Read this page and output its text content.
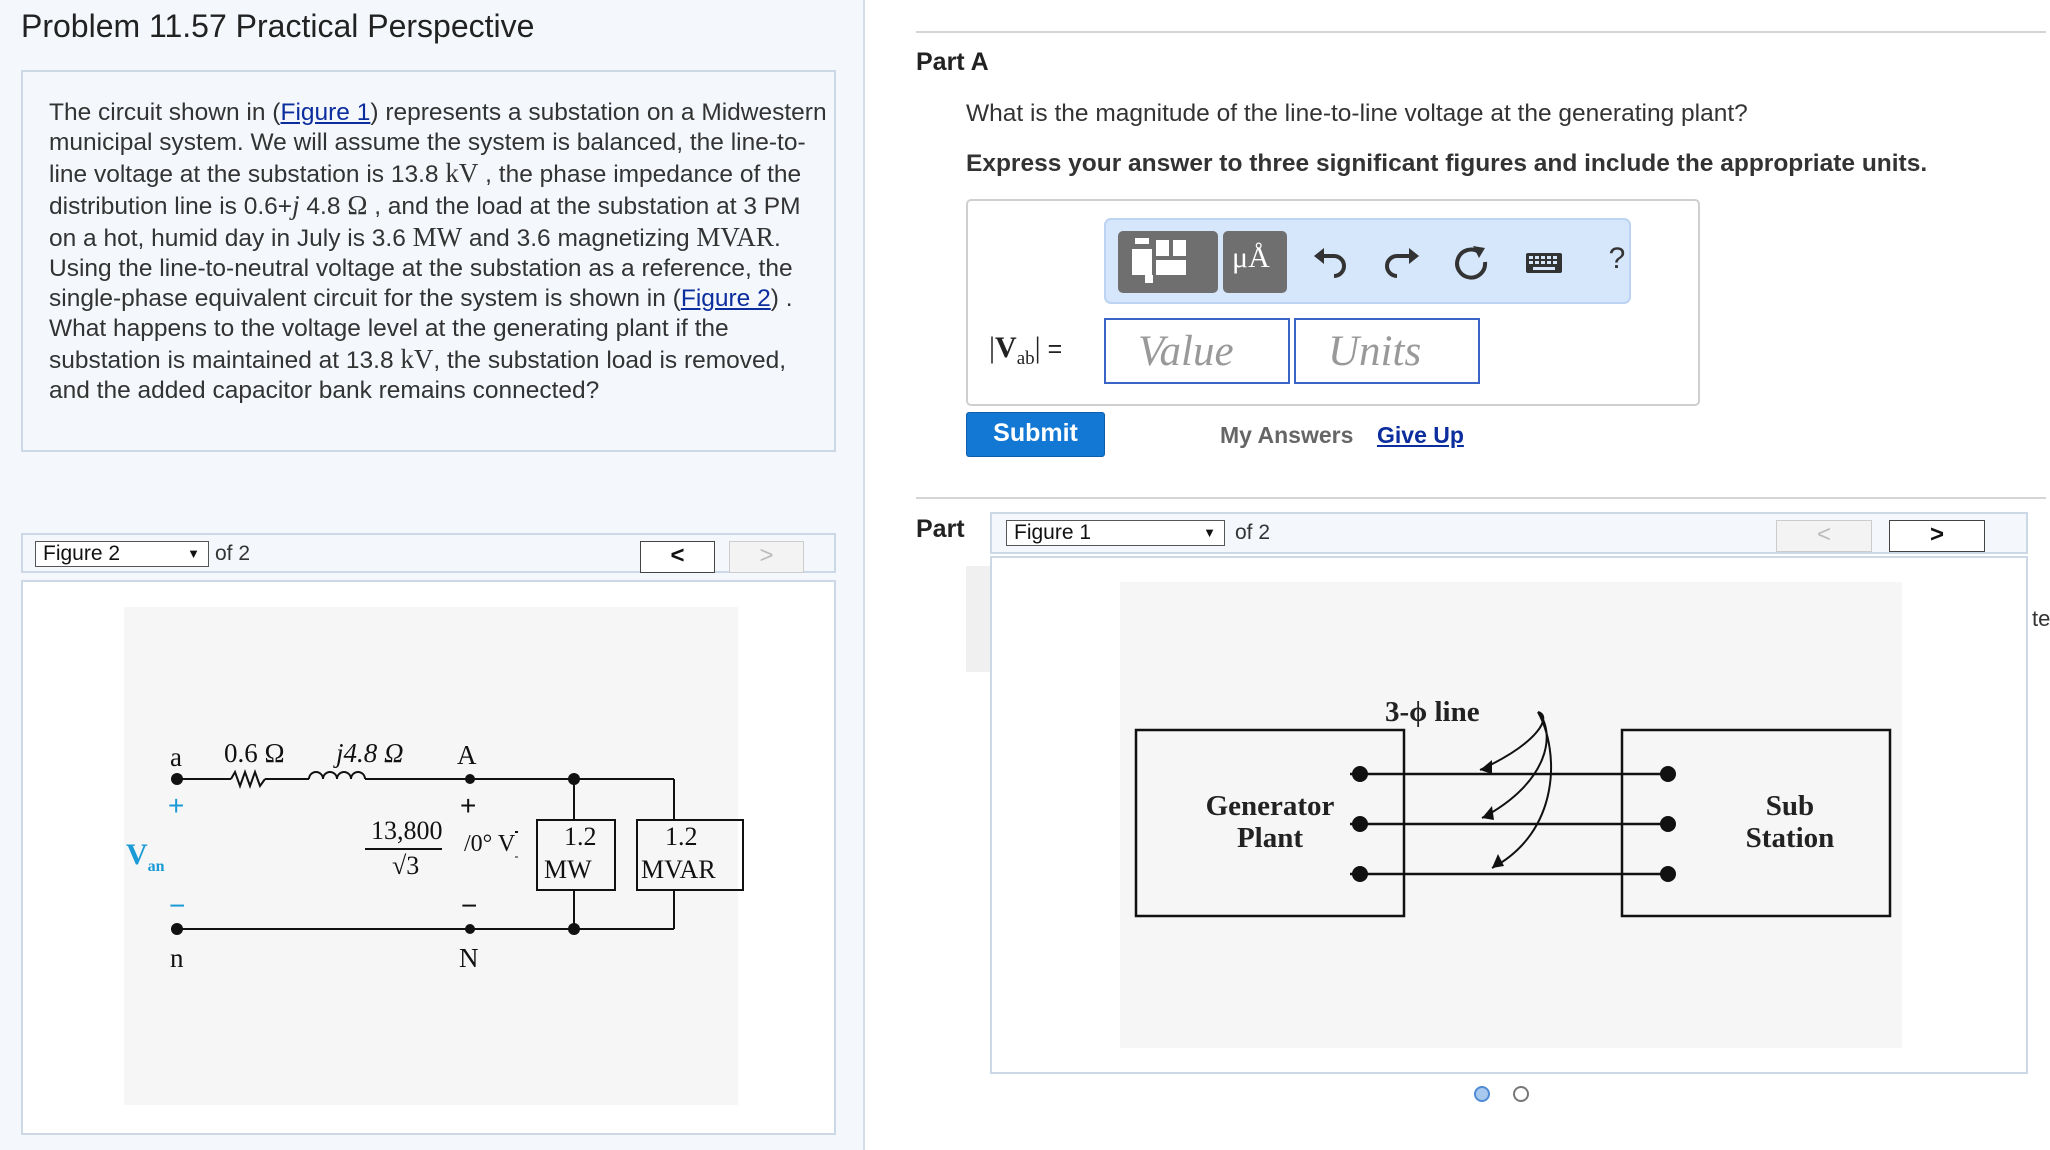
Problem 11.57 Practical Perspective
The circuit shown in (Figure 1) represents a substation on a Midwestern municipal system. We will assume the system is balanced, the line-to-line voltage at the substation is 13.8 kV , the phase impedance of the distribution line is 0.6+j 4.8 Ω , and the load at the substation at 3 PM on a hot, humid day in July is 3.6 MW and 3.6 magnetizing MVAR. Using the line-to-neutral voltage at the substation as a reference, the single-phase equivalent circuit for the system is shown in (Figure 2) . What happens to the voltage level at the generating plant if the substation is maintained at 13.8 kV, the substation load is removed, and the added capacitor bank remains connected?
Figure 2	▼ of 2	<	>
a 0.6 Ω j4.8 Ω A
+	+
$V_{an}$
13,800
√3
/0° V 1.2
MW
1.2
MVAR
−	−
n	N
Part A
What is the magnitude of the line-to-line voltage at the generating plant?
Express your answer to three significant figures and include the appropriate units.
μÅ	?
$|V_{ab}|$ =
Value
Units
Submit	My Answers Give Up
Part	Figure 1	▼ of 2	<	>
3-ϕ line
Generator
Plant
Sub
Station
te
